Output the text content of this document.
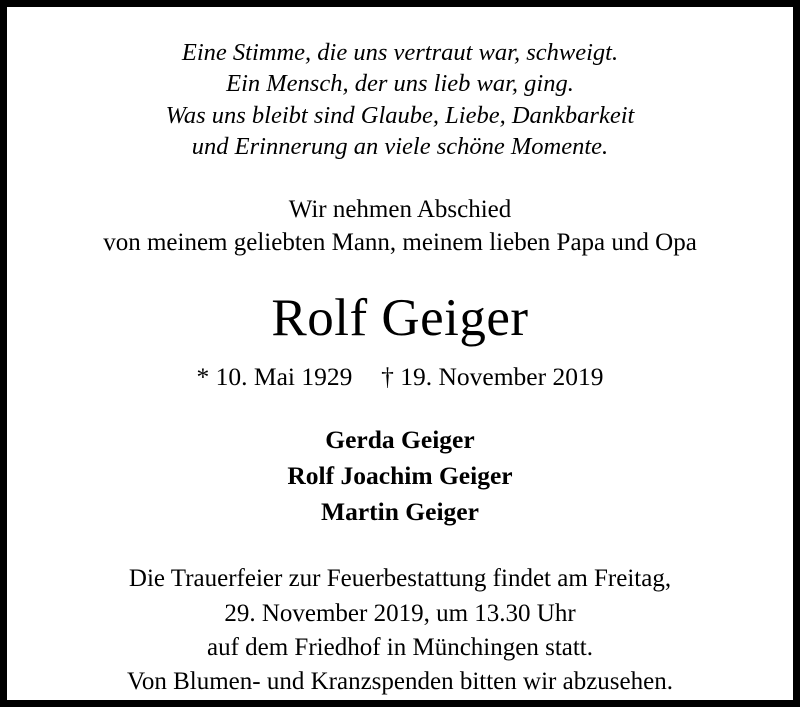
Eine Stimme, die uns vertraut war, schweigt.
Ein Mensch, der uns lieb war, ging.
Was uns bleibt sind Glaube, Liebe, Dankbarkeit
und Erinnerung an viele schöne Momente.
Wir nehmen Abschied
von meinem geliebten Mann, meinem lieben Papa und Opa
Rolf Geiger
* 10. Mai 1929 † 19. November 2019
Gerda Geiger
Rolf Joachim Geiger
Martin Geiger
Die Trauerfeier zur Feuerbestattung findet am Freitag,
29. November 2019, um 13.30 Uhr
auf dem Friedhof in Münchingen statt.
Von Blumen- und Kranzspenden bitten wir abzusehen.
